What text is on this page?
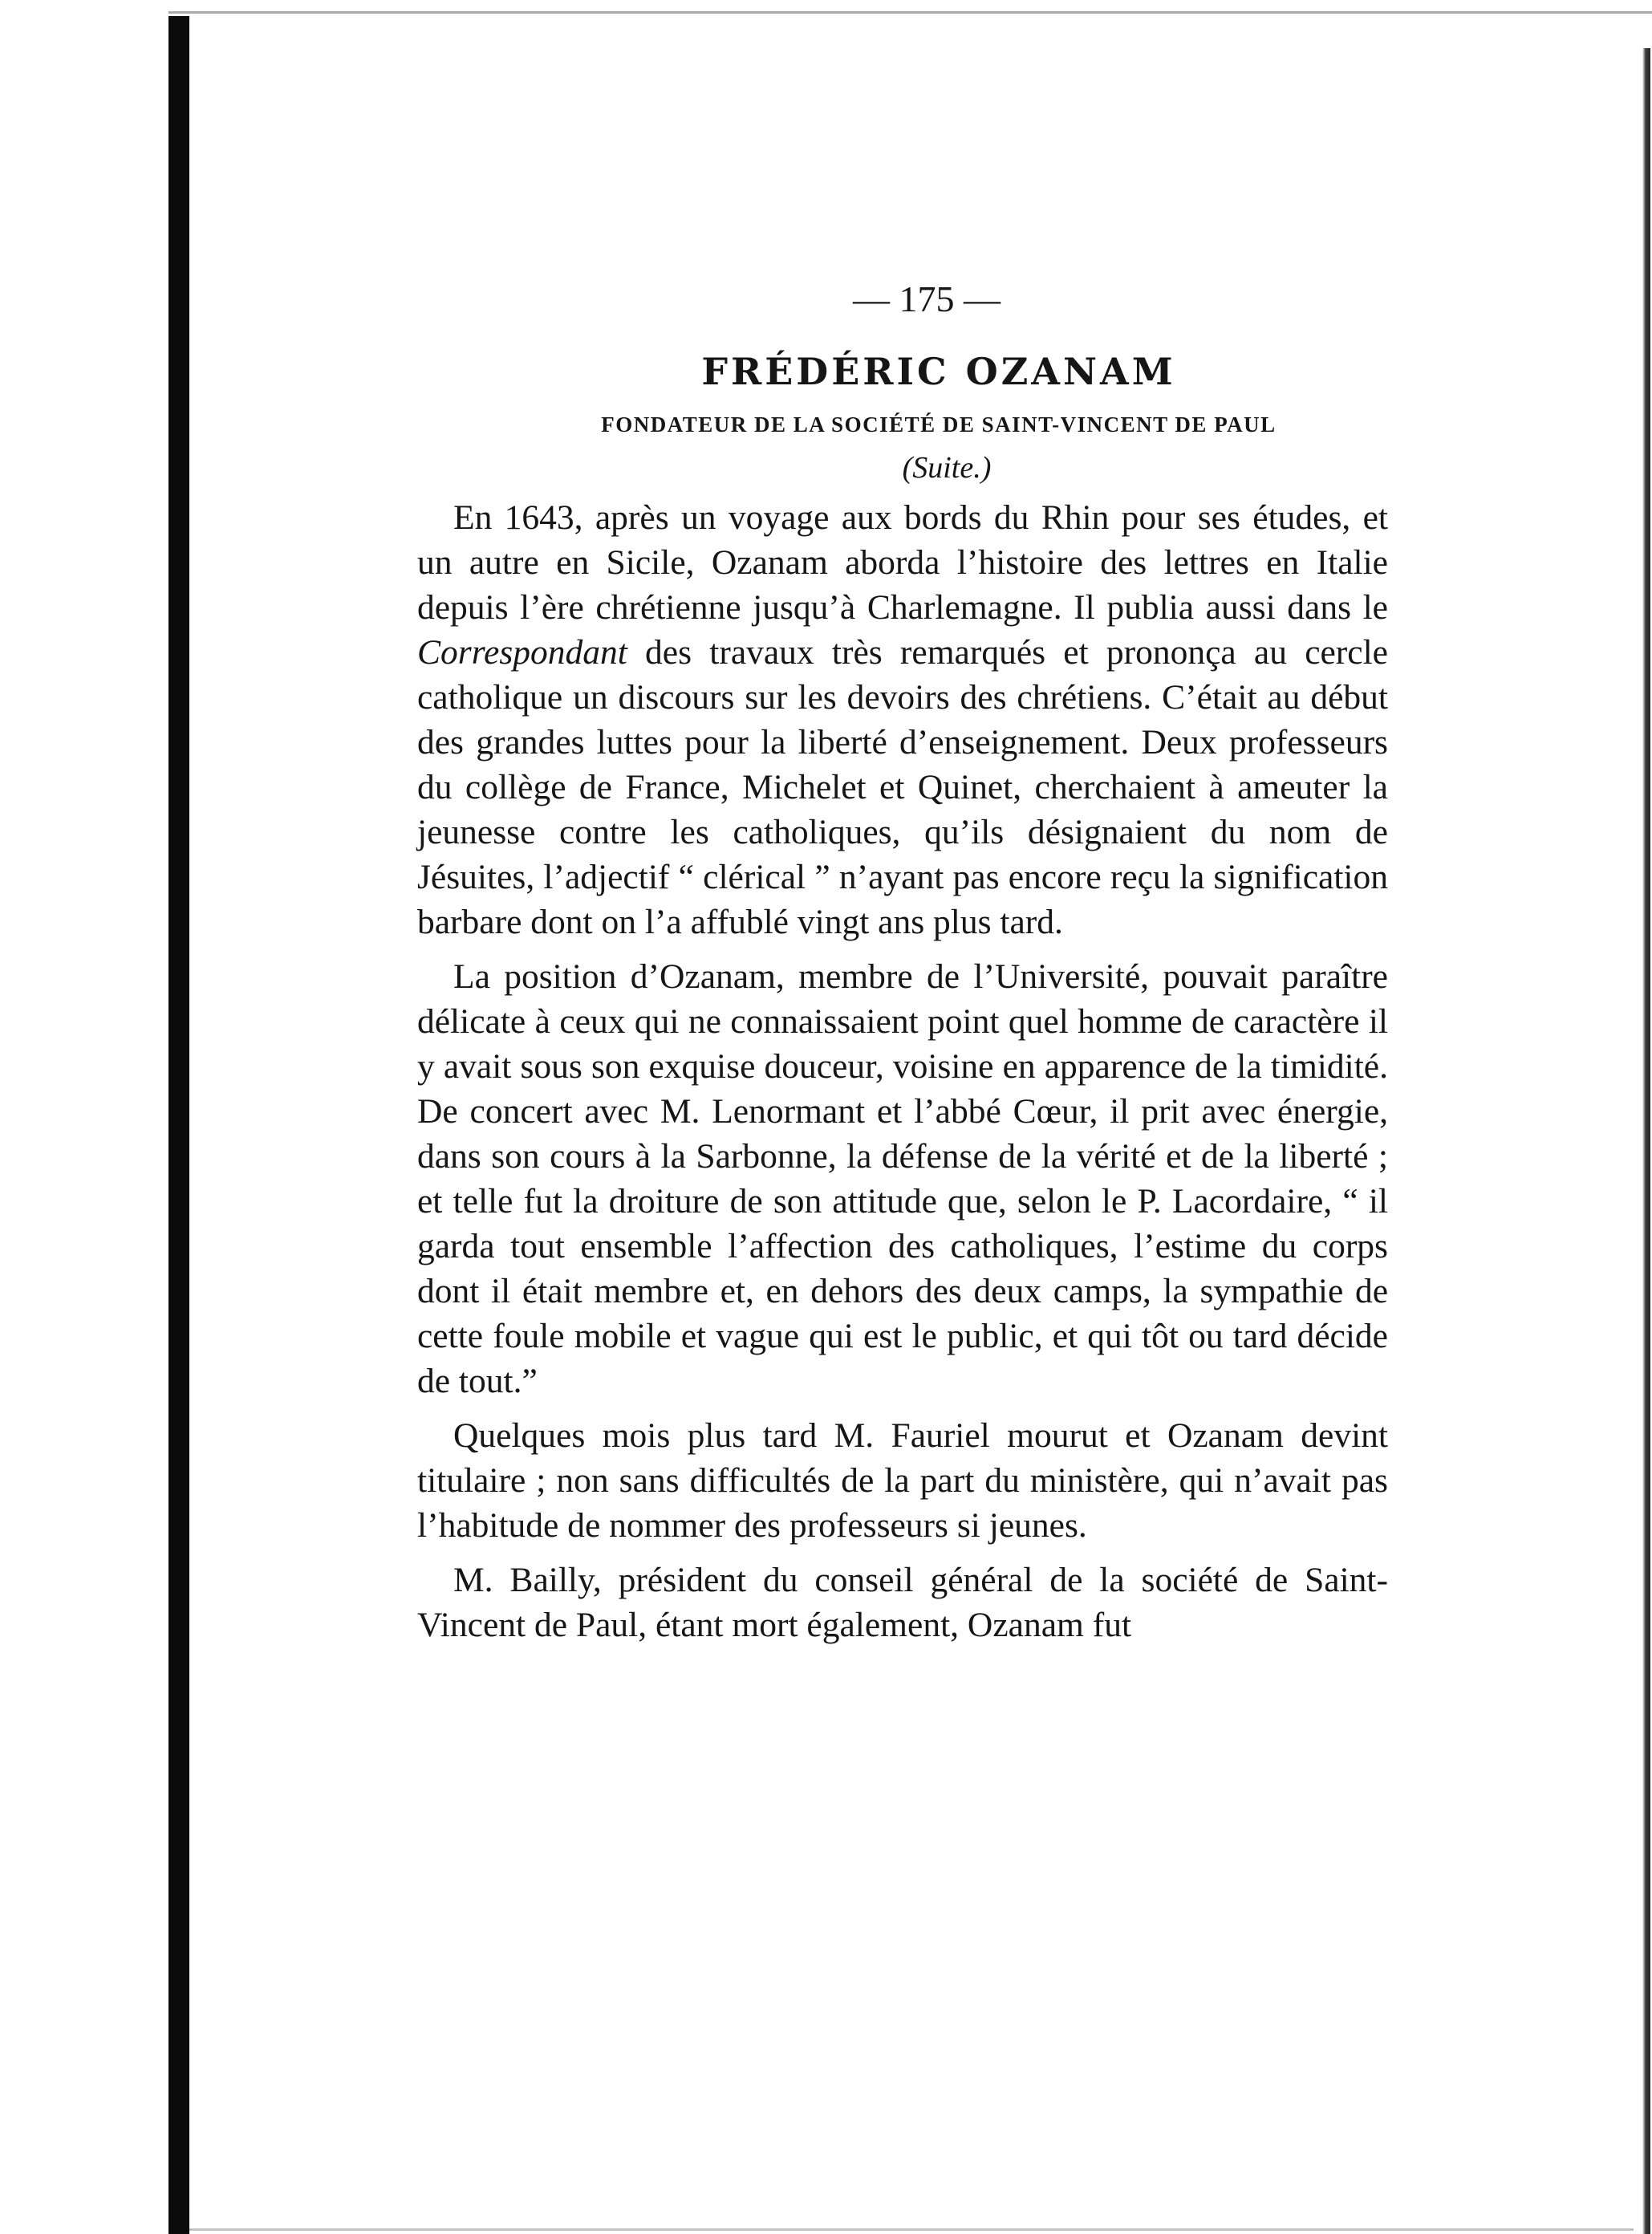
— 175 —
FRÉDÉRIC OZANAM
FONDATEUR DE LA SOCIÉTÉ DE SAINT-VINCENT DE PAUL
(Suite.)

En 1643, après un voyage aux bords du Rhin pour ses études, et un autre en Sicile, Ozanam aborda l’histoire des lettres en Italie depuis l’ère chrétienne jusqu’à Charlemagne. Il publia aussi dans le Correspondant des travaux très remarqués et prononça au cercle catholique un discours sur les devoirs des chrétiens. C’était au début des grandes luttes pour la liberté d’enseignement. Deux professeurs du collège de France, Michelet et Quinet, cherchaient à ameuter la jeunesse contre les catholiques, qu’ils désignaient du nom de Jésuites, l’adjectif “ clérical ” n’ayant pas encore reçu la signification barbare dont on l’a affublé vingt ans plus tard.

La position d’Ozanam, membre de l’Université, pouvait paraître délicate à ceux qui ne connaissaient point quel homme de caractère il y avait sous son exquise douceur, voisine en apparence de la timidité. De concert avec M. Lenormant et l’abbé Cœur, il prit avec énergie, dans son cours à la Sarbonne, la défense de la vérité et de la liberté ; et telle fut la droiture de son attitude que, selon le P. Lacordaire, “ il garda tout ensemble l’affection des catholiques, l’estime du corps dont il était membre et, en dehors des deux camps, la sympathie de cette foule mobile et vague qui est le public, et qui tôt ou tard décide de tout.”

Quelques mois plus tard M. Fauriel mourut et Ozanam devint titulaire ; non sans difficultés de la part du ministère, qui n’avait pas l’habitude de nommer des professeurs si jeunes.

M. Bailly, président du conseil général de la société de Saint-Vincent de Paul, étant mort également, Ozanam fut
